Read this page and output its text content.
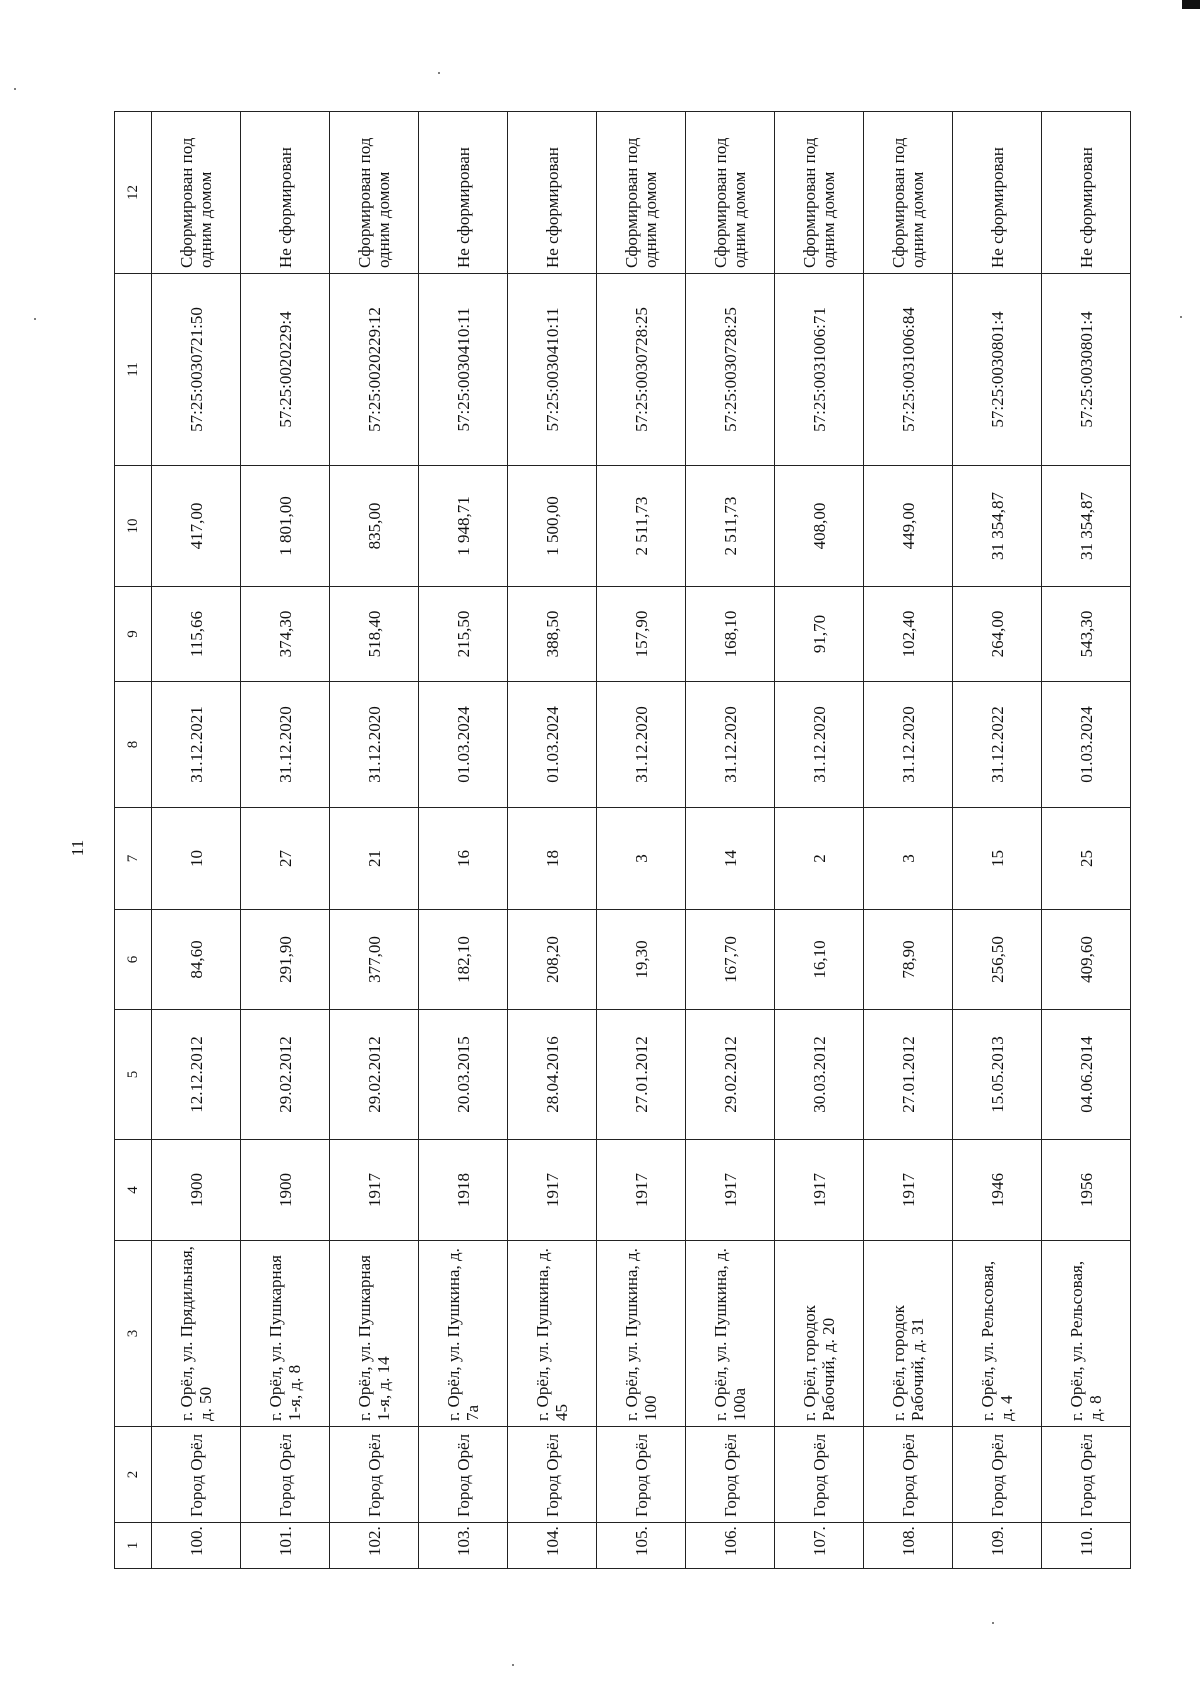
11
1	2	3	4	5	6	7	8	9	10	11	12
100.	Город Орёл	г. Орёл, ул. Прядильная, д. 50	1900	12.12.2012	84,60	10	31.12.2021	115,66	417,00	57:25:0030721:50	Сформирован под одним домом
101.	Город Орёл	г. Орёл, ул. Пушкарная 1-я, д. 8	1900	29.02.2012	291,90	27	31.12.2020	374,30	1 801,00	57:25:0020229:4	Не сформирован
102.	Город Орёл	г. Орёл, ул. Пушкарная 1-я, д. 14	1917	29.02.2012	377,00	21	31.12.2020	518,40	835,00	57:25:0020229:12	Сформирован под одним домом
103.	Город Орёл	г. Орёл, ул. Пушкина, д. 7а	1918	20.03.2015	182,10	16	01.03.2024	215,50	1 948,71	57:25:0030410:11	Не сформирован
104.	Город Орёл	г. Орёл, ул. Пушкина, д. 45	1917	28.04.2016	208,20	18	01.03.2024	388,50	1 500,00	57:25:0030410:11	Не сформирован
105.	Город Орёл	г. Орёл, ул. Пушкина, д. 100	1917	27.01.2012	19,30	3	31.12.2020	157,90	2 511,73	57:25:0030728:25	Сформирован под одним домом
106.	Город Орёл	г. Орёл, ул. Пушкина, д. 100а	1917	29.02.2012	167,70	14	31.12.2020	168,10	2 511,73	57:25:0030728:25	Сформирован под одним домом
107.	Город Орёл	г. Орёл, городок Рабочий, д. 20	1917	30.03.2012	16,10	2	31.12.2020	91,70	408,00	57:25:0031006:71	Сформирован под одним домом
108.	Город Орёл	г. Орёл, городок Рабочий, д. 31	1917	27.01.2012	78,90	3	31.12.2020	102,40	449,00	57:25:0031006:84	Сформирован под одним домом
109.	Город Орёл	г. Орёл, ул. Рельсовая, д. 4	1946	15.05.2013	256,50	15	31.12.2022	264,00	31 354,87	57:25:0030801:4	Не сформирован
110.	Город Орёл	г. Орёл, ул. Рельсовая, д. 8	1956	04.06.2014	409,60	25	01.03.2024	543,30	31 354,87	57:25:0030801:4	Не сформирован
